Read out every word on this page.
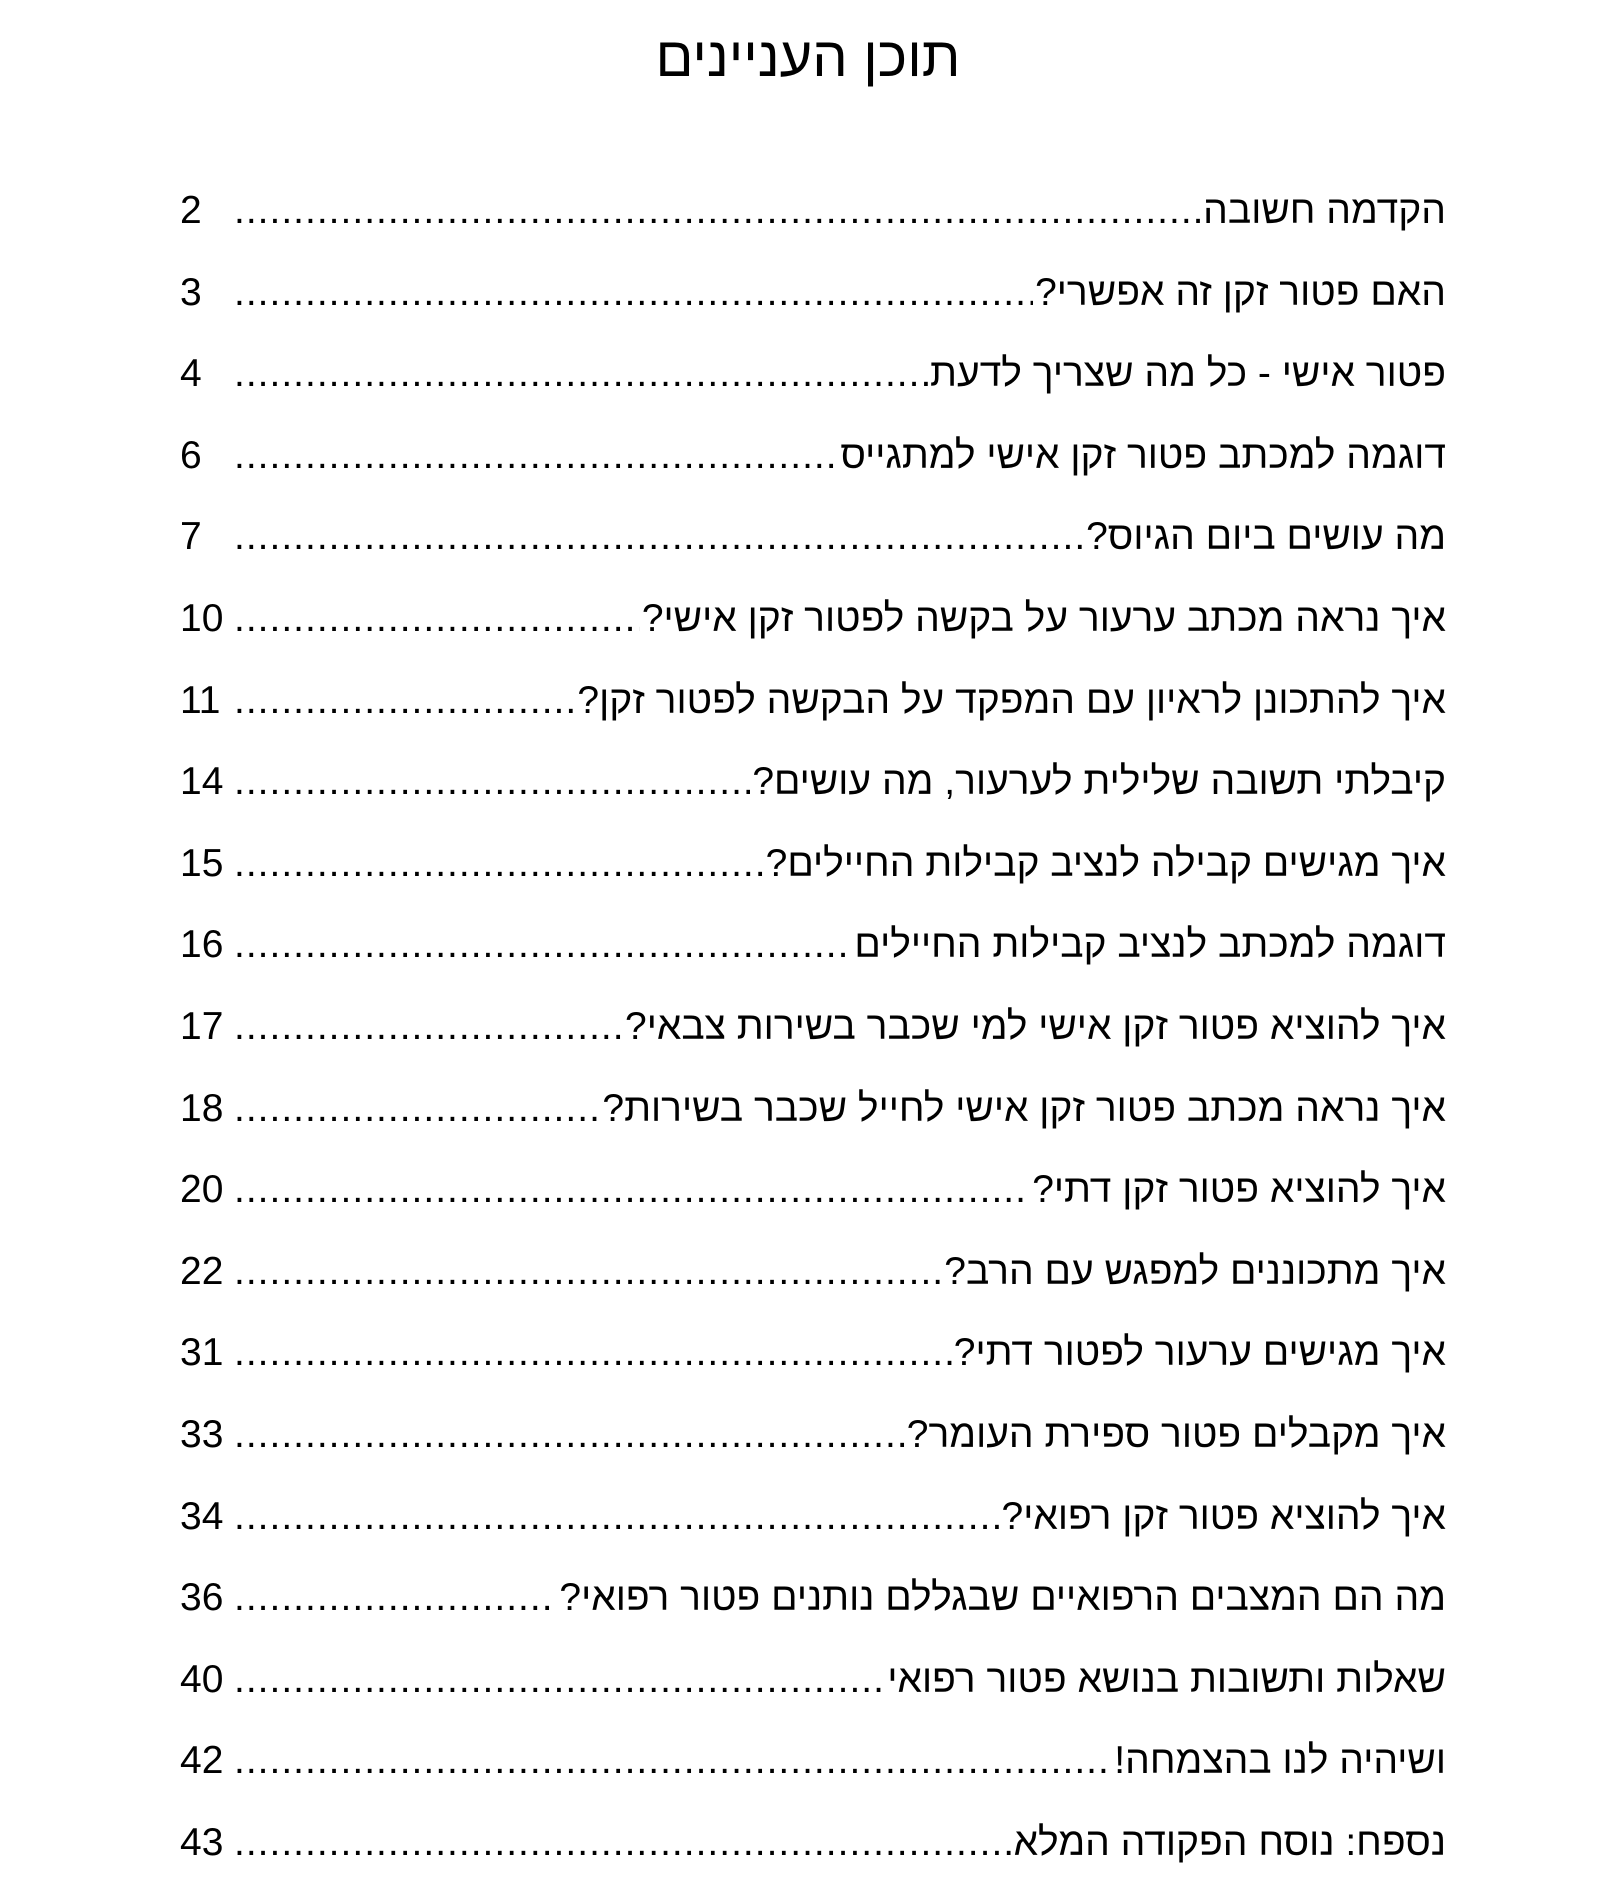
תוכן העניינים
2 .....	הקדמה חשובה
3 .....	האם פטור זקן זה אפשרי?
4 .....	פטור אישי - כל מה שצריך לדעת
6 .....	דוגמה למכתב פטור זקן אישי למתגייס
7 .....	מה עושים ביום הגיוס?
10 .....	איך נראה מכתב ערעור על בקשה לפטור זקן אישי?
11 .....	איך להתכונן לראיון עם המפקד על הבקשה לפטור זקן?
14 .....	קיבלתי תשובה שלילית לערעור, מה עושים?
15 .....	איך מגישים קבילה לנציב קבילות החיילים?
16 .....	דוגמה למכתב לנציב קבילות החיילים
17 .....	איך להוציא פטור זקן אישי למי שכבר בשירות צבאי?
18 .....	איך נראה מכתב פטור זקן אישי לחייל שכבר בשירות?
20 .....	איך להוציא פטור זקן דתי?
22 .....	איך מתכוננים למפגש עם הרב?
31 .....	איך מגישים ערעור לפטור דתי?
33 .....	איך מקבלים פטור ספירת העומר?
34 .....	איך להוציא פטור זקן רפואי?
36 .....	מה הם המצבים הרפואיים שבגללם נותנים פטור רפואי?
40 .....	שאלות ותשובות בנושא פטור רפואי
42 .....	ושיהיה לנו בהצמחה!
43 .....	נספח: נוסח הפקודה המלא
